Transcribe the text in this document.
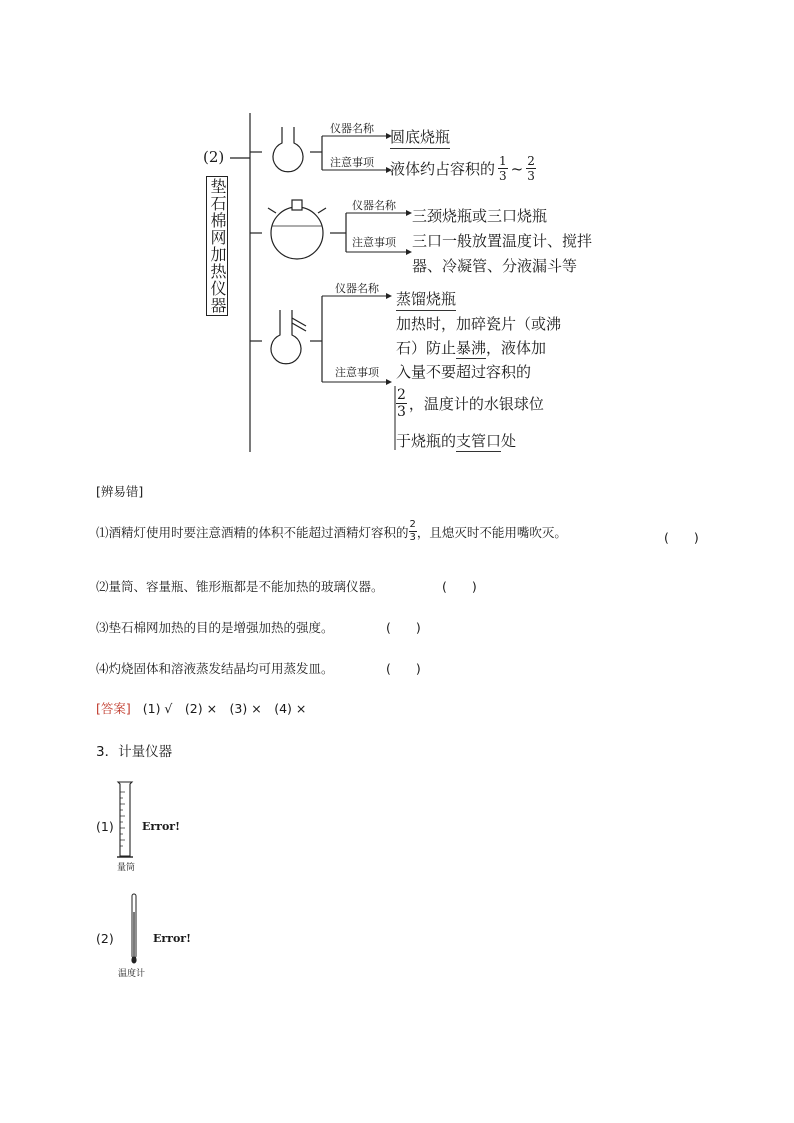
(2)
垫石棉网加热仪器
仪器名称 圆底烧瓶
注意事项 液体约占容积的 $\frac{1}{3}$ ~ $\frac{2}{3}$
仪器名称
三颈烧瓶或三口烧瓶
注意事项 三口一般放置温度计、搅拌
器、冷凝管、分液漏斗等
仪器名称
蒸馏烧瓶
加热时，加碎瓷片（或沸
石）防止暴沸，液体加
注意事项 入量不要超过容积的
$\frac{2}{3}$ ，温度计的水银球位
于烧瓶的支管口处
[辨易错]
⑴酒精灯使用时要注意酒精的体积不能超过酒精灯容积的 $\frac{2}{3}$ ，且熄灭时不能用嘴吹灭。	(　　)
⑵量筒、容量瓶、锥形瓶都是不能加热的玻璃仪器。	(　　)
⑶垫石棉网加热的目的是增强加热的强度。	(　　)
⑷灼烧固体和溶液蒸发结晶均可用蒸发皿。	(　　)
[答案] (1) √　(2) ×　(3) ×　(4) ×
3．计量仪器
(1)
量筒
Error!
(2)
温度计
Error!
